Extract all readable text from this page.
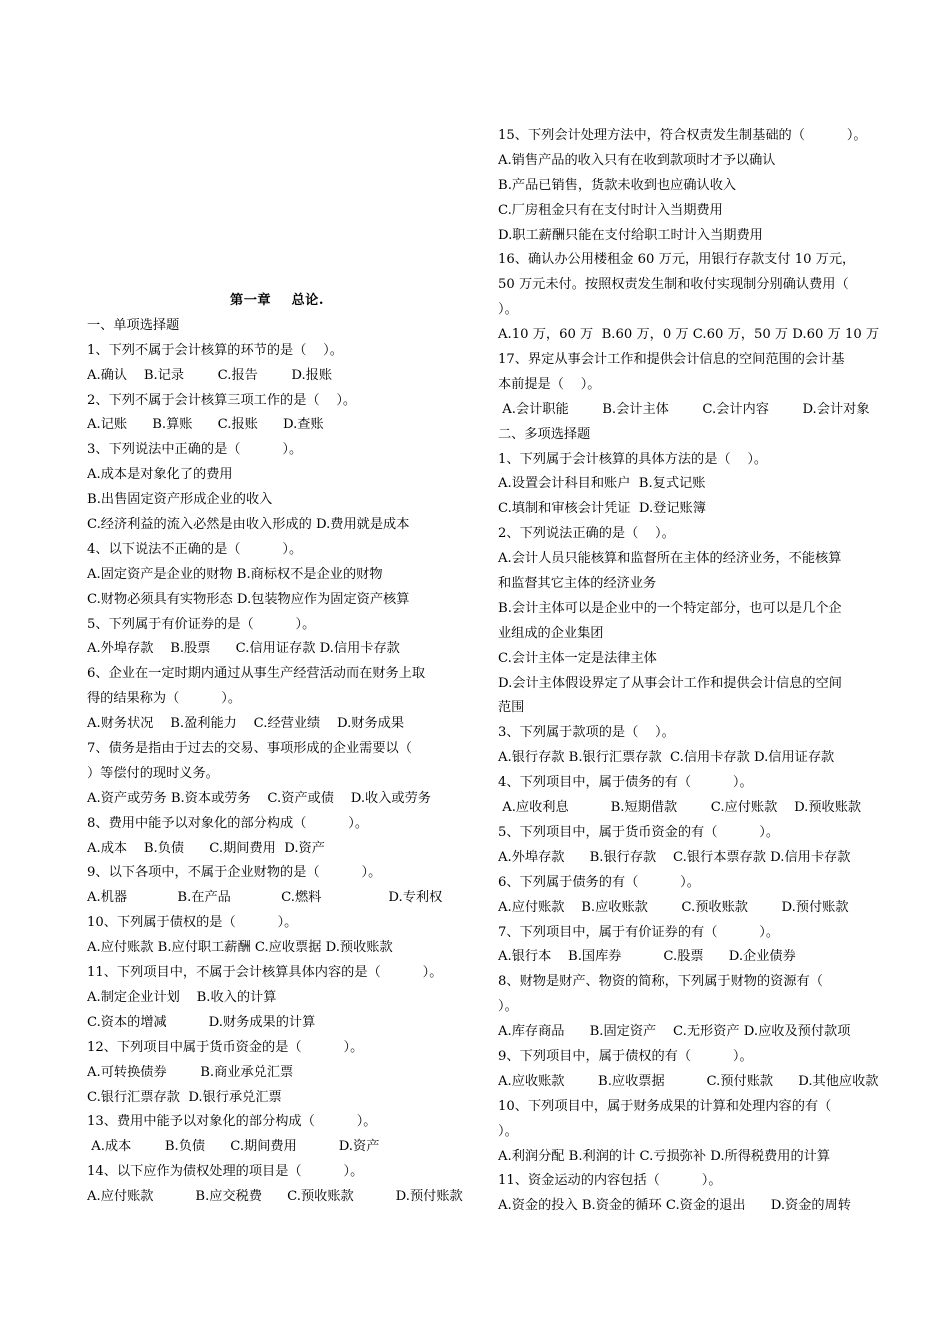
第一章    总论.
一、单项选择题
1、下列不属于会计核算的环节的是（    ）。
A.确认    B.记录        C.报告        D.报账
2、下列不属于会计核算三项工作的是（    ）。
A.记账      B.算账      C.报账      D.查账
3、下列说法中正确的是（          ）。
A.成本是对象化了的费用
B.出售固定资产形成企业的收入
C.经济利益的流入必然是由收入形成的 D.费用就是成本
4、以下说法不正确的是（          ）。
A.固定资产是企业的财物 B.商标权不是企业的财物
C.财物必须具有实物形态 D.包装物应作为固定资产核算
5、下列属于有价证券的是（          ）。
A.外埠存款    B.股票      C.信用证存款 D.信用卡存款
6、企业在一定时期内通过从事生产经营活动而在财务上取
得的结果称为（          ）。
A.财务状况    B.盈利能力    C.经营业绩    D.财务成果
7、债务是指由于过去的交易、事项形成的企业需要以（
）等偿付的现时义务。
A.资产或劳务 B.资本或劳务    C.资产或债    D.收入或劳务
8、费用中能予以对象化的部分构成（          ）。
A.成本    B.负债      C.期间费用  D.资产
9、以下各项中，不属于企业财物的是（          ）。
A.机器            B.在产品            C.燃料                D.专利权
10、下列属于债权的是（          ）。
A.应付账款 B.应付职工薪酬 C.应收票据 D.预收账款
11、下列项目中，不属于会计核算具体内容的是（          ）。
A.制定企业计划    B.收入的计算
C.资本的增减          D.财务成果的计算
12、下列项目中属于货币资金的是（          ）。
A.可转换债券        B.商业承兑汇票
C.银行汇票存款  D.银行承兑汇票
13、费用中能予以对象化的部分构成（          ）。
A.成本        B.负债      C.期间费用          D.资产
14、以下应作为债权处理的项目是（          ）。
A.应付账款          B.应交税费      C.预收账款          D.预付账款
15、下列会计处理方法中，符合权责发生制基础的（          ）。
A.销售产品的收入只有在收到款项时才予以确认
B.产品已销售，货款未收到也应确认收入
C.厂房租金只有在支付时计入当期费用
D.职工薪酬只能在支付给职工时计入当期费用
16、确认办公用楼租金 60 万元，用银行存款支付 10 万元，
50 万元未付。按照权责发生制和收付实现制分别确认费用（
）。
A.10 万，60 万  B.60 万，0 万 C.60 万，50 万 D.60 万 10 万
17、界定从事会计工作和提供会计信息的空间范围的会计基
本前提是（    ）。
A.会计职能        B.会计主体        C.会计内容        D.会计对象
二、多项选择题
1、下列属于会计核算的具体方法的是（    ）。
A.设置会计科目和账户  B.复式记账
C.填制和审核会计凭证  D.登记账簿
2、下列说法正确的是（    ）。
A.会计人员只能核算和监督所在主体的经济业务，不能核算
和监督其它主体的经济业务
B.会计主体可以是企业中的一个特定部分，也可以是几个企
业组成的企业集团
C.会计主体一定是法律主体
D.会计主体假设界定了从事会计工作和提供会计信息的空间
范围
3、下列属于款项的是（    ）。
A.银行存款 B.银行汇票存款  C.信用卡存款 D.信用证存款
4、下列项目中，属于债务的有（          ）。
A.应收利息          B.短期借款        C.应付账款    D.预收账款
5、下列项目中，属于货币资金的有（          ）。
A.外埠存款      B.银行存款    C.银行本票存款 D.信用卡存款
6、下列属于债务的有（          ）。
A.应付账款    B.应收账款        C.预收账款        D.预付账款
7、下列项目中，属于有价证券的有（          ）。
A.银行本    B.国库券          C.股票      D.企业债券
8、财物是财产、物资的简称，下列属于财物的资源有（
）。
A.库存商品      B.固定资产    C.无形资产 D.应收及预付款项
9、下列项目中，属于债权的有（          ）。
A.应收账款        B.应收票据          C.预付账款      D.其他应收款
10、下列项目中，属于财务成果的计算和处理内容的有（
）。
A.利润分配 B.利润的计 C.亏损弥补 D.所得税费用的计算
11、资金运动的内容包括（          ）。
A.资金的投入 B.资金的循环 C.资金的退出      D.资金的周转
